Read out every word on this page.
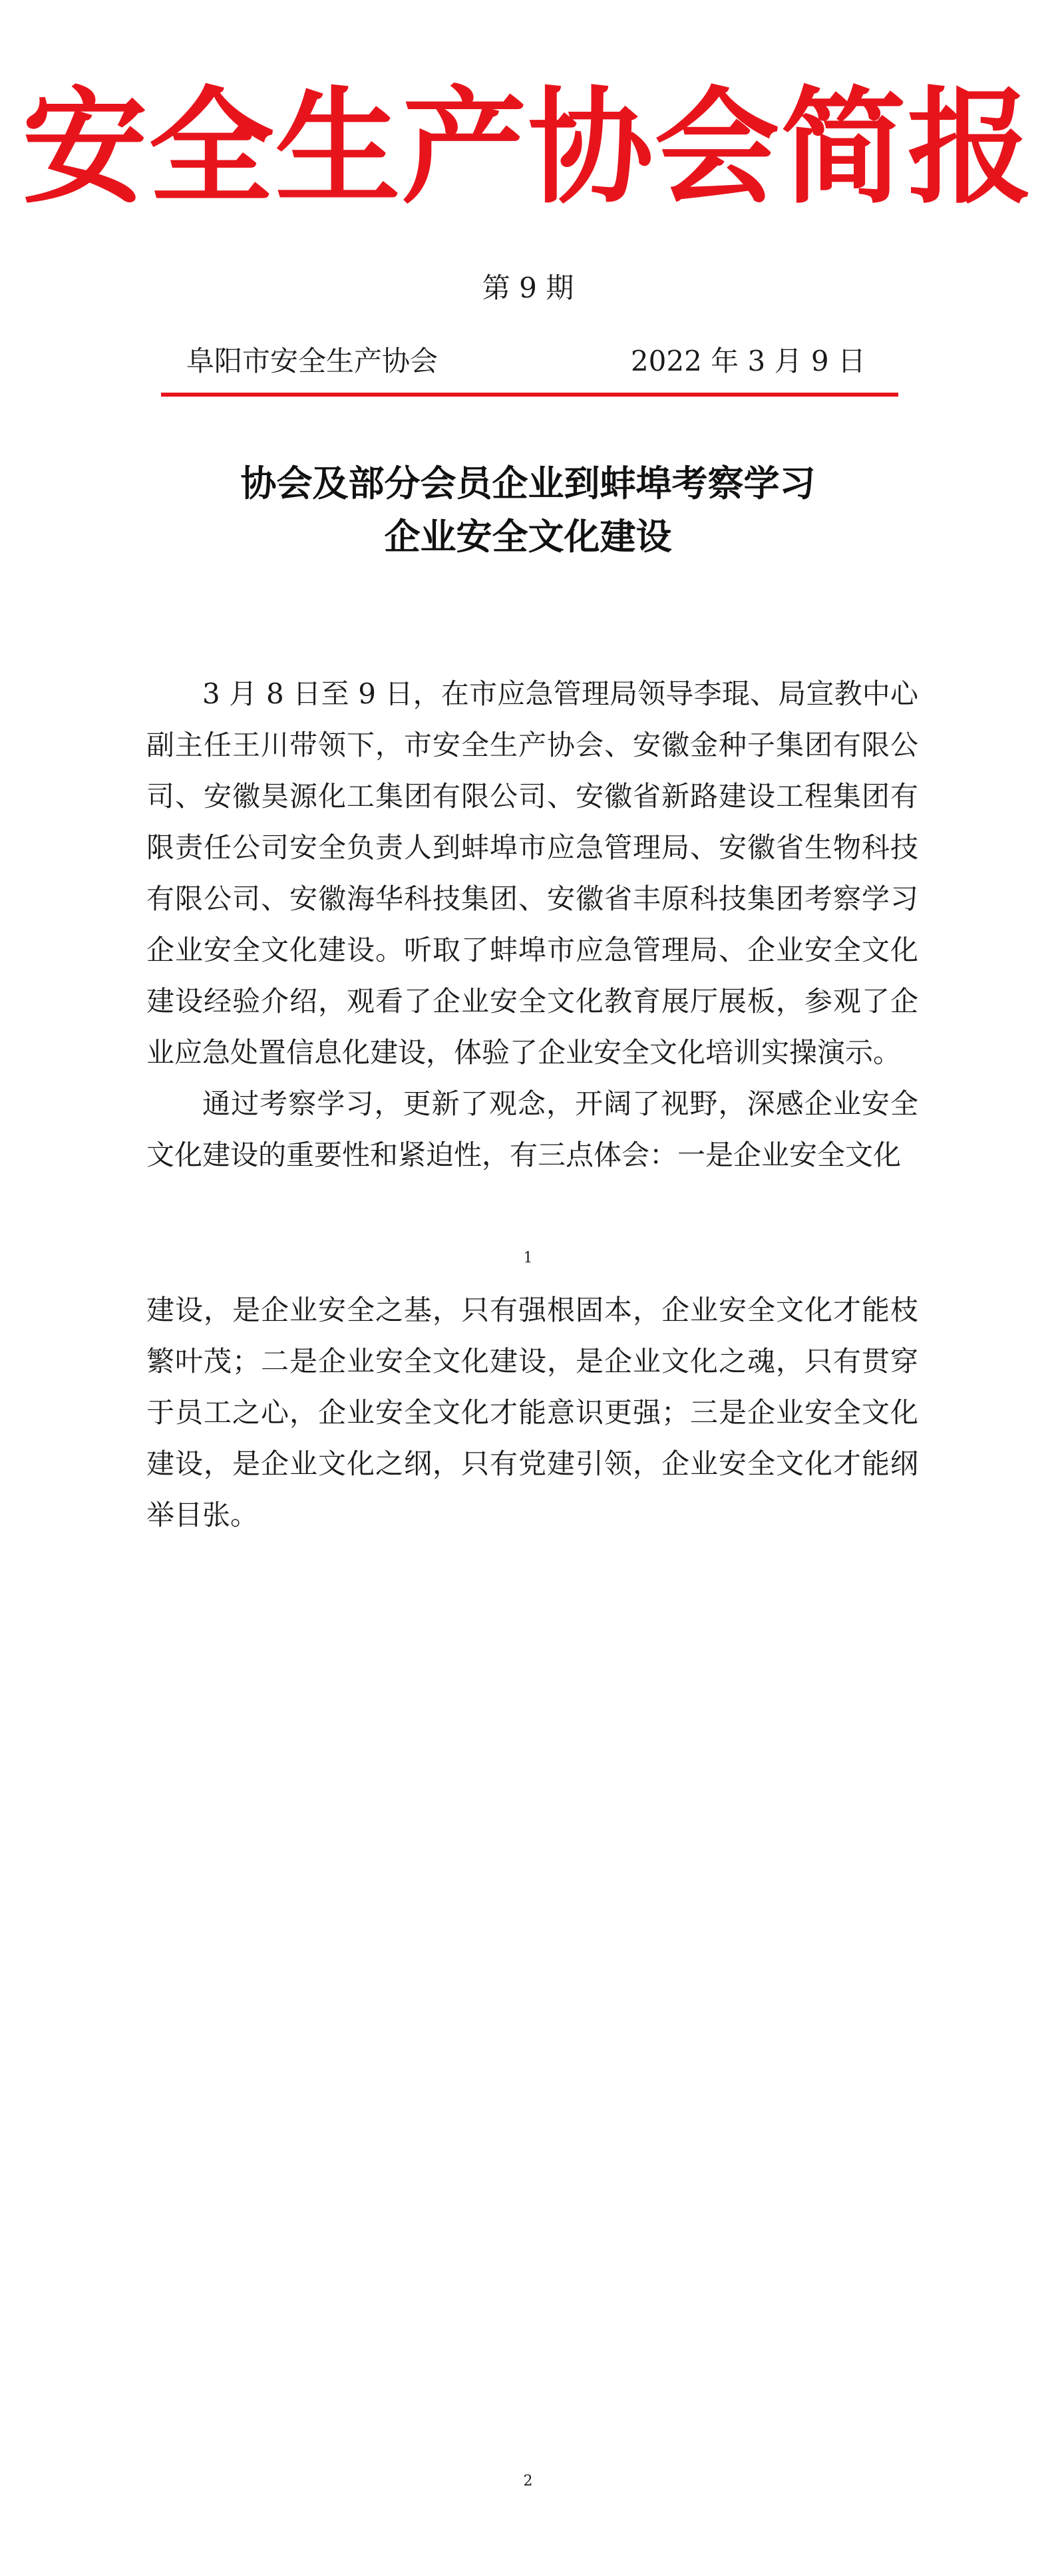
安全生产协会简报
第 9 期
阜阳市安全生产协会	2022 年 3 月 9 日
协会及部分会员企业到蚌埠考察学习
企业安全文化建设
3 月 8 日至 9 日，在市应急管理局领导李琨、局宣教中心副主任王川带领下，市安全生产协会、安徽金种子集团有限公司、安徽昊源化工集团有限公司、安徽省新路建设工程集团有限责任公司安全负责人到蚌埠市应急管理局、安徽省生物科技有限公司、安徽海华科技集团、安徽省丰原科技集团考察学习企业安全文化建设。听取了蚌埠市应急管理局、企业安全文化建设经验介绍，观看了企业安全文化教育展厅展板，参观了企业应急处置信息化建设，体验了企业安全文化培训实操演示。
通过考察学习，更新了观念，开阔了视野，深感企业安全文化建设的重要性和紧迫性，有三点体会：一是企业安全文化
1
建设，是企业安全之基，只有强根固本，企业安全文化才能枝繁叶茂；二是企业安全文化建设，是企业文化之魂，只有贯穿于员工之心，企业安全文化才能意识更强；三是企业安全文化建设，是企业文化之纲，只有党建引领，企业安全文化才能纲举目张。
2
